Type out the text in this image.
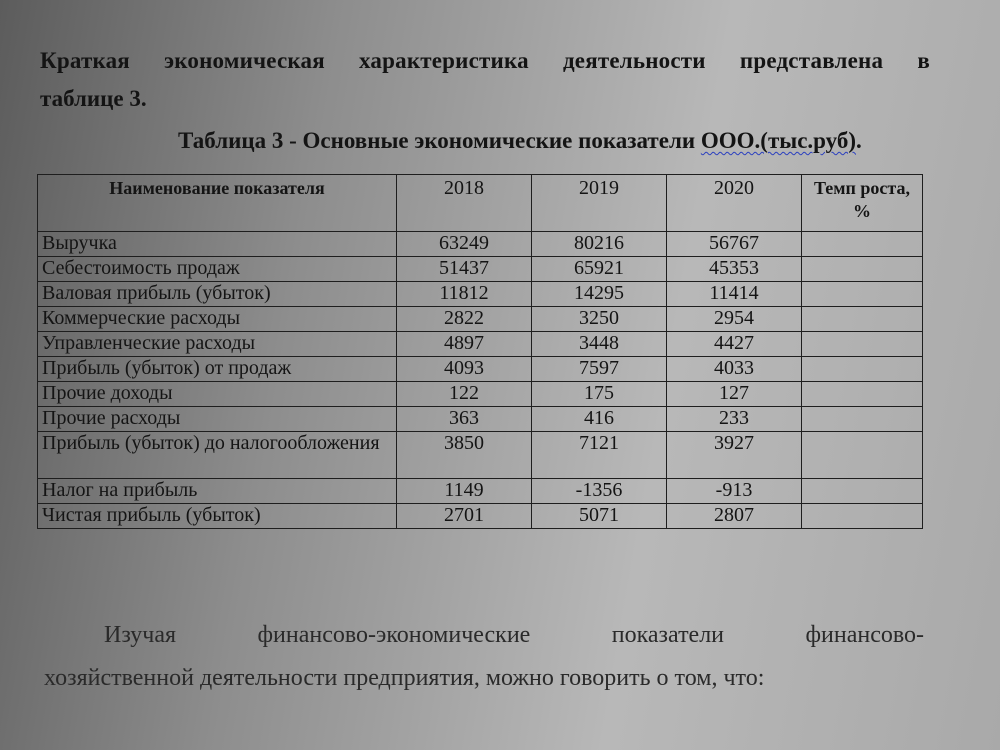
Краткая экономическая характеристика деятельности представлена в
таблице 3.
Таблица 3 - Основные экономические показатели ООО.(тыс.руб).
Наименование показателя	2018	2019	2020	Темп роста, %
Выручка	63249	80216	56767	
Себестоимость продаж	51437	65921	45353	
Валовая прибыль (убыток)	11812	14295	11414	
Коммерческие расходы	2822	3250	2954	
Управленческие расходы	4897	3448	4427	
Прибыль (убыток) от продаж	4093	7597	4033	
Прочие доходы	122	175	127	
Прочие расходы	363	416	233	
Прибыль (убыток) до налогообложения	3850	7121	3927	
Налог на прибыль	1149	-1356	-913	
Чистая прибыль (убыток)	2701	5071	2807	
Изучая финансово-экономические показатели финансово-
хозяйственной деятельности предприятия, можно говорить о том, что:
